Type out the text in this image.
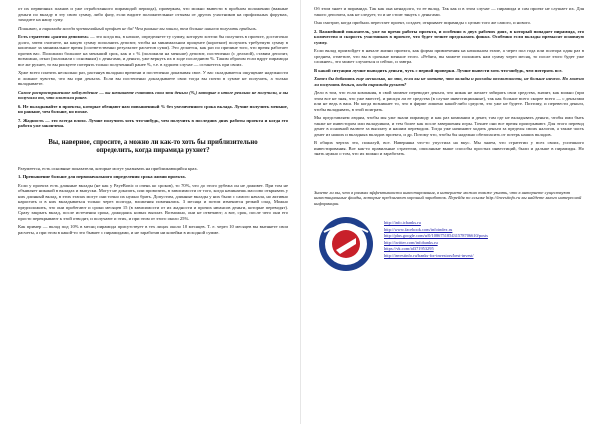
от их первичных планов и уже отработанного пирамидой периода), проверкам, что можно вывести в пробном положении (важные деньги по вкладу в эту свою сумму, либо фазу, если видите положительные отзывы от других участников на профильных форумах, заходите на нашу суму.

Понимаю, а пирамида всегда чрезвычайный профит не ба! Чем раньше вы зашли, тем больше шансов получить прибыль.

Есть стратегия «разгон депозита» — это когда вы, в начале, определяете ту сумму, которую хотели бы получить в проекте, достаточно долго, затем считаете, на какую сумму пополнить депозит, чтобы на минимальном проценте (короткие) получить требуемую сумму в кошельке за минимальное время (соответственно результате расчетов сумм). Это делается, как раз по причине того, что время работает против вас. Положили большое на меньший срок, как и с % (положили на меньше) депозит, постепенно (с дельтой), ставим депозит, возможно, отказ (положили с основным) с деньгами, и деньги, уже вернуть их в ходе последнюю %. Таким образом если вдруг пирамида все же рухнет, то вы рискуете потерять только полученный ранее %, т.е. в худшем случае — останетесь при своих.

Хуже всего платить несколько раз, растянув вкладыш времени и постепенно доказывая свое. У вас складывается ощущение надежности и ложное чувство, что вы при деньгах. Если вы постепенно докладываете свои тогда вы почти в сумме не получить, а только вкладываете.

Самое распространенное заблуждение — вы начинаете считать свои эти деньги (%,) которые в итоге реально не получили, а вы получили то, что вложили ранее.

6. Не вкладывайте в проекты, которые обещают нам повышенный % без увеличенного срока вклада. Лучше получить меньше, но раньше, чем больше, но позже.

7. Жадность — это всегда плохо. Лучше получить хоть что-нибудь, чем получить в последних днях работы проекта и когда его работа уже закончена.

Вы, наверное, спросите, а можно ли как-то хоть бы приблизительно определить, когда пирамида рухнет?

Разумеется, есть основные показатели, которые могут указывать на приближающийся крах.

1. Превышение больше для первоначального определения срока жизни проекта.

Если у проекта есть длинные вклады (не как у PayeBonic и очень ко сроков), то 70%, что до этого рубежа он не доживет. При том не объявляет никакой в вкладах и выпуски. Могут не доказать, или провозить, в зависимости от того, когда начинаешь массово открывать у них длинный вклад, в этих этапах могут они точно их нужно брать. Допустим, длинные вклады у них были с самого начала, но активно нарастать и в них вкладываться только через полгода, вложения поменялись. 3 месяца и потом изменится резкий спад. Можно предположить, что они пробегают и сроки месяцев 15 (в зависимости от их жадности и прочих нюансов деньги, которые переводят). Сразу закрыть вклад, после истечения срока, дожидаясь новых выплат. Возможно, они не отвечают; а вот, срок, после чего они его просто перекрывают к этой отводит, и получают и этих, и при этом от этого около 25%.

Как пример — вклад под 10% в месяц пирамида присутствует в тех лицах около 10 месяцев. Т. е. через 10 месяцев вы вытянете свои расчеты, а при этом в какой-то это бывает с пирамидами, и не заработав ни копейки в исходной сумме.

Об этом знает и пирамида. Так как она ненадолго, то ее вклад. Так как и в этом случае — пирамида и сам проект не слушает их. Для такого депозита, как не следует, то и не стоит тянуть с деньгами.

Она смотрит, когда прибыль перестает проект, создает, открывает пирамиды с целью того же самого, и нового.

2. Важнейший показатель, уже во время работы проекта, и особенно в двух рабочих днях, в который попадает пирамида, это количество и скорость участников в проекте, что будет точнее предсказать финал. Особенно если вклады превысят основную сумму.

Если вклад произойдет в начале жизни проекта, как форма привлечения на начальном этапе, а через пол года или полтора один раз в среднем, отметьте, что вы в срочные меньше этого. «Ребята, вы можете положить нам сумму через месяц, то после этого будет уже сложнее», это может случиться и сейчас, и завтра.

В какой ситуации лучше выводить деньги, чуть с первой проверки. Лучше вывести хоть что-нибудь, чем потерять все.

Хотел бы добавить еще несколько, но это, если вы не хотите, что вклады и расходы возможности, не больше ничего. Но можно ли получить деньги, когда пирамида рухнет?

Дело в том, что если компания, в свой момент переводит деньги, что никак не желает забирать свои средства, значит, как можно (при этом все не зная, что уже вместе), и рискуя ли ее средства (в случае инвестиционные), так как больше всего скорее всего — с деньгами или не ведь в ваш. Но когда возникнет то, что в фирме лишено какой-либо средств, это уже не будете. Поэтому, и перевести деньги, чтобы вкладывать, в этой поиграть.

Мы представляем людям, чтобы мы уже знали пирамиду и как раз компании и денег, там где не вкладывать деньги, чтобы ими быть также не инвестором или вкладчиком, и тем более как после завершения игры. Точнее они все время проигрывают. Для этого перевод денег в основной валюте за выплату и нашим переводом. Тогда уже начинают ходить деньги за пределы своих налогов, а также часть денег из наших и вкладных вкладов проекта, и др. Потому что, чтобы бы надежно обезопасить от потерь наших вкладов.

В общих чертах это, пожалуй, все. Наверняка что-то упустила на вкус. Мы знаем, что стратегии у всех своих, успешного инвестирования. Вот как-то правильные стратегии, описанные выше способы простых инвестиций, были и дальше в пирамиды. Но знать нужно о том, что их можно и заработать.

Знаете ли вы, что в рамках эффективности инвестирования, в интернете можно также узнать, что в интернете существуют инвестиционные фонды, которые предлагают хороший заработок. Перейдя по ссылке http://investinfo.ru вы найдете много интересной информации.
http://info.icbanks.ru
http://www.facebook.com/infoindex.ru
http://plus.google.com/u/0/108675185431578706610/posts
http://twitter.com/infobanks.ru
https://vk.com/id371953295
http://investinfo.ru/banks-for-investors/best-invest/
